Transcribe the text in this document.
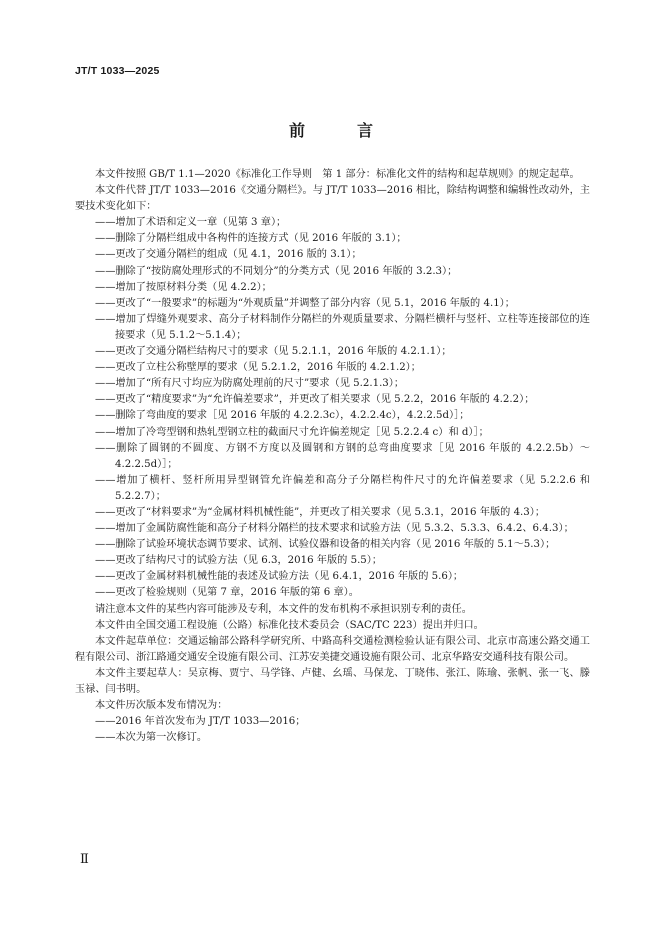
JT/T 1033—2025
前　言
本文件按照 GB/T 1.1—2020《标准化工作导则　第 1 部分：标准化文件的结构和起草规则》的规定起草。
本文件代替 JT/T 1033—2016《交通分隔栏》。与 JT/T 1033—2016 相比，除结构调整和编辑性改动外，主要技术变化如下：
——增加了术语和定义一章（见第 3 章）；
——删除了分隔栏组成中各构件的连接方式（见 2016 年版的 3.1）；
——更改了交通分隔栏的组成（见 4.1，2016 版的 3.1）；
——删除了“按防腐处理形式的不同划分”的分类方式（见 2016 年版的 3.2.3）；
——增加了按原材料分类（见 4.2.2）；
——更改了“一般要求”的标题为“外观质量”并调整了部分内容（见 5.1，2016 年版的 4.1）；
——增加了焊缝外观要求、高分子材料制作分隔栏的外观质量要求、分隔栏横杆与竖杆、立柱等连接部位的连接要求（见 5.1.2～5.1.4）；
——更改了交通分隔栏结构尺寸的要求（见 5.2.1.1，2016 年版的 4.2.1.1）；
——更改了立柱公称壁厚的要求（见 5.2.1.2，2016 年版的 4.2.1.2）；
——增加了“所有尺寸均应为防腐处理前的尺寸”要求（见 5.2.1.3）；
——更改了“精度要求”为“允许偏差要求”，并更改了相关要求（见 5.2.2，2016 年版的 4.2.2）；
——删除了弯曲度的要求［见 2016 年版的 4.2.2.3c），4.2.2.4c），4.2.2.5d）］；
——增加了冷弯型钢和热轧型钢立柱的截面尺寸允许偏差规定［见 5.2.2.4 c）和 d）］；
——删除了圆钢的不圆度、方钢不方度以及圆钢和方钢的总弯曲度要求［见 2016 年版的 4.2.2.5b）～4.2.2.5d）］；
——增加了横杆、竖杆所用异型钢管允许偏差和高分子分隔栏构件尺寸的允许偏差要求（见 5.2.2.6 和 5.2.2.7）；
——更改了“材料要求”为“金属材料机械性能”，并更改了相关要求（见 5.3.1，2016 年版的 4.3）；
——增加了金属防腐性能和高分子材料分隔栏的技术要求和试验方法（见 5.3.2、5.3.3、6.4.2、6.4.3）；
——删除了试验环境状态调节要求、试剂、试验仪器和设备的相关内容（见 2016 年版的 5.1～5.3）；
——更改了结构尺寸的试验方法（见 6.3，2016 年版的 5.5）；
——更改了金属材料机械性能的表述及试验方法（见 6.4.1，2016 年版的 5.6）；
——更改了检验规则（见第 7 章，2016 年版的第 6 章）。
请注意本文件的某些内容可能涉及专利，本文件的发布机构不承担识别专利的责任。
本文件由全国交通工程设施（公路）标准化技术委员会（SAC/TC 223）提出并归口。
本文件起草单位：交通运输部公路科学研究所、中路高科交通检测检验认证有限公司、北京市高速公路交通工程有限公司、浙江路通交通安全设施有限公司、江苏安美捷交通设施有限公司、北京华路安交通科技有限公司。
本文件主要起草人：吴京梅、贾宁、马学锋、卢健、幺瑶、马保龙、丁晓伟、张江、陈瑜、张帆、张一飞、滕玉禄、闫书明。
本文件历次版本发布情况为：
——2016 年首次发布为 JT/T 1033—2016；
——本次为第一次修订。
Ⅱ
